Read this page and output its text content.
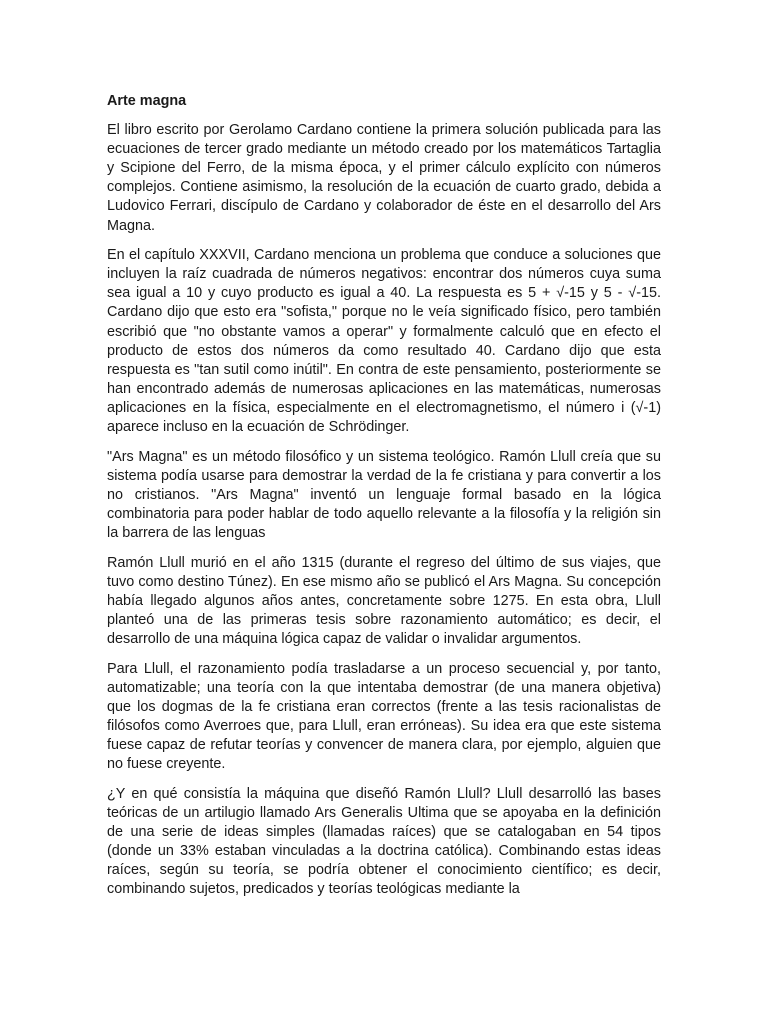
Arte magna

El libro escrito por Gerolamo Cardano contiene la primera solución publicada para las ecuaciones de tercer grado mediante un método creado por los matemáticos Tartaglia y Scipione del Ferro, de la misma época, y el primer cálculo explícito con números complejos. Contiene asimismo, la resolución de la ecuación de cuarto grado, debida a Ludovico Ferrari, discípulo de Cardano y colaborador de éste en el desarrollo del Ars Magna.

En el capítulo XXXVII, Cardano menciona un problema que conduce a soluciones que incluyen la raíz cuadrada de números negativos: encontrar dos números cuya suma sea igual a 10 y cuyo producto es igual a 40. La respuesta es 5 + √-15 y 5 - √-15. Cardano dijo que esto era "sofista," porque no le veía significado físico, pero también escribió que "no obstante vamos a operar" y formalmente calculó que en efecto el producto de estos dos números da como resultado 40. Cardano dijo que esta respuesta es "tan sutil como inútil". En contra de este pensamiento, posteriormente se han encontrado además de numerosas aplicaciones en las matemáticas, numerosas aplicaciones en la física, especialmente en el electromagnetismo, el número i (√-1) aparece incluso en la ecuación de Schrödinger.

"Ars Magna" es un método filosófico y un sistema teológico. Ramón Llull creía que su sistema podía usarse para demostrar la verdad de la fe cristiana y para convertir a los no cristianos. "Ars Magna" inventó un lenguaje formal basado en la lógica combinatoria para poder hablar de todo aquello relevante a la filosofía y la religión sin la barrera de las lenguas

Ramón Llull murió en el año 1315 (durante el regreso del último de sus viajes, que tuvo como destino Túnez). En ese mismo año se publicó el Ars Magna. Su concepción había llegado algunos años antes, concretamente sobre 1275. En esta obra, Llull planteó una de las primeras tesis sobre razonamiento automático; es decir, el desarrollo de una máquina lógica capaz de validar o invalidar argumentos.

Para Llull, el razonamiento podía trasladarse a un proceso secuencial y, por tanto, automatizable; una teoría con la que intentaba demostrar (de una manera objetiva) que los dogmas de la fe cristiana eran correctos (frente a las tesis racionalistas de filósofos como Averroes que, para Llull, eran erróneas). Su idea era que este sistema fuese capaz de refutar teorías y convencer de manera clara, por ejemplo, alguien que no fuese creyente.

¿Y en qué consistía la máquina que diseñó Ramón Llull? Llull desarrolló las bases teóricas de un artilugio llamado Ars Generalis Ultima que se apoyaba en la definición de una serie de ideas simples (llamadas raíces) que se catalogaban en 54 tipos (donde un 33% estaban vinculadas a la doctrina católica). Combinando estas ideas raíces, según su teoría, se podría obtener el conocimiento científico; es decir, combinando sujetos, predicados y teorías teológicas mediante la
